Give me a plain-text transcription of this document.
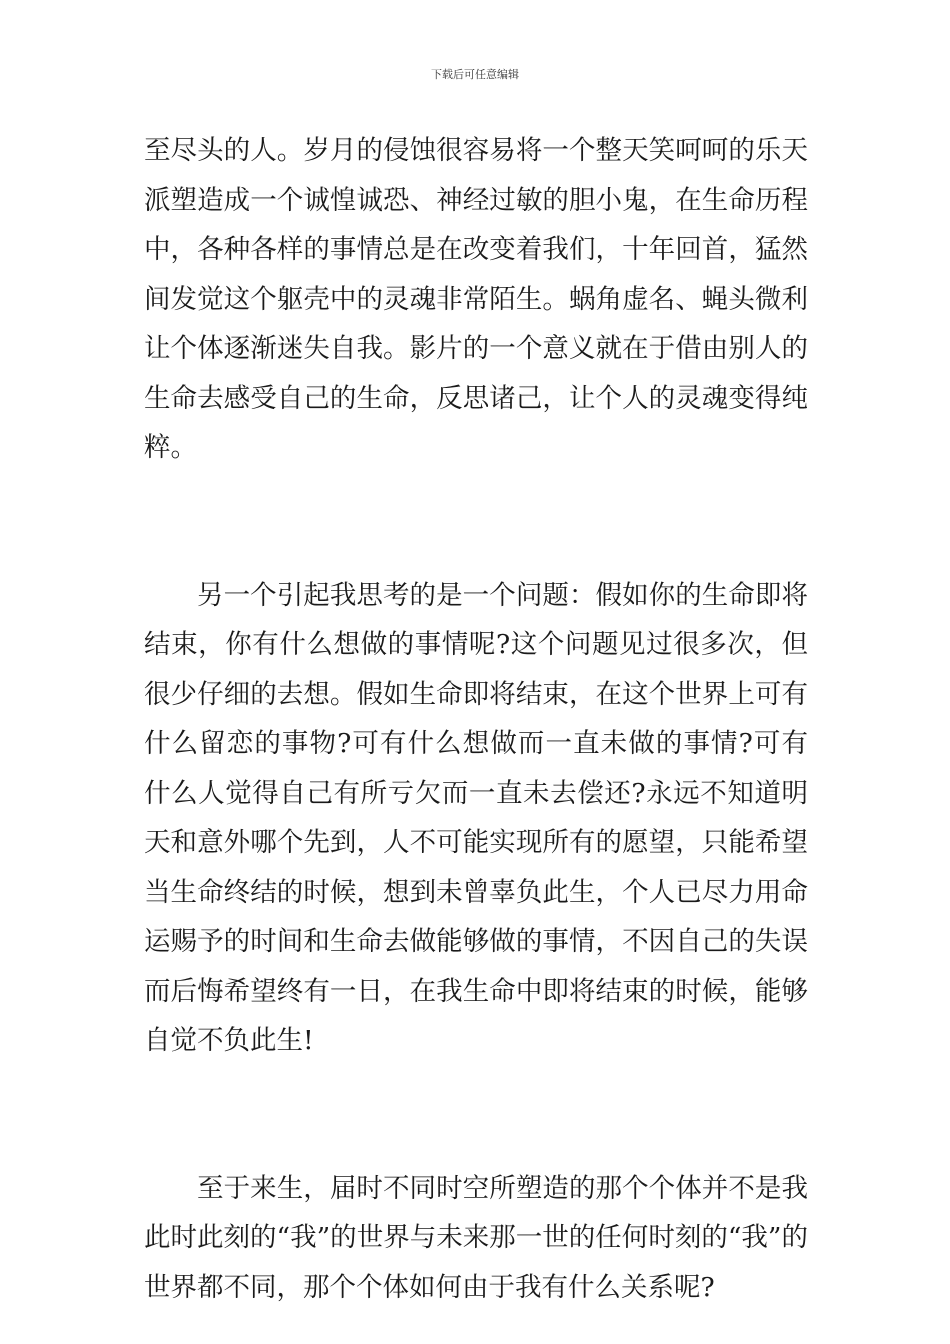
下载后可任意编辑

至尽头的人。岁月的侵蚀很容易将一个整天笑呵呵的乐天派塑造成一个诚惶诚恐、神经过敏的胆小鬼，在生命历程中，各种各样的事情总是在改变着我们，十年回首，猛然间发觉这个躯壳中的灵魂非常陌生。蜗角虚名、蝇头微利让个体逐渐迷失自我。影片的一个意义就在于借由别人的生命去感受自己的生命，反思诸己，让个人的灵魂变得纯粹。

另一个引起我思考的是一个问题：假如你的生命即将结束，你有什么想做的事情呢?这个问题见过很多次，但很少仔细的去想。假如生命即将结束，在这个世界上可有什么留恋的事物?可有什么想做而一直未做的事情?可有什么人觉得自己有所亏欠而一直未去偿还?永远不知道明天和意外哪个先到，人不可能实现所有的愿望，只能希望当生命终结的时候，想到未曾辜负此生，个人已尽力用命运赐予的时间和生命去做能够做的事情，不因自己的失误而后悔希望终有一日，在我生命中即将结束的时候，能够自觉不负此生!

至于来生，届时不同时空所塑造的那个个体并不是我此时此刻的“我”的世界与未来那一世的任何时刻的“我”的世界都不同，那个个体如何由于我有什么关系呢?
